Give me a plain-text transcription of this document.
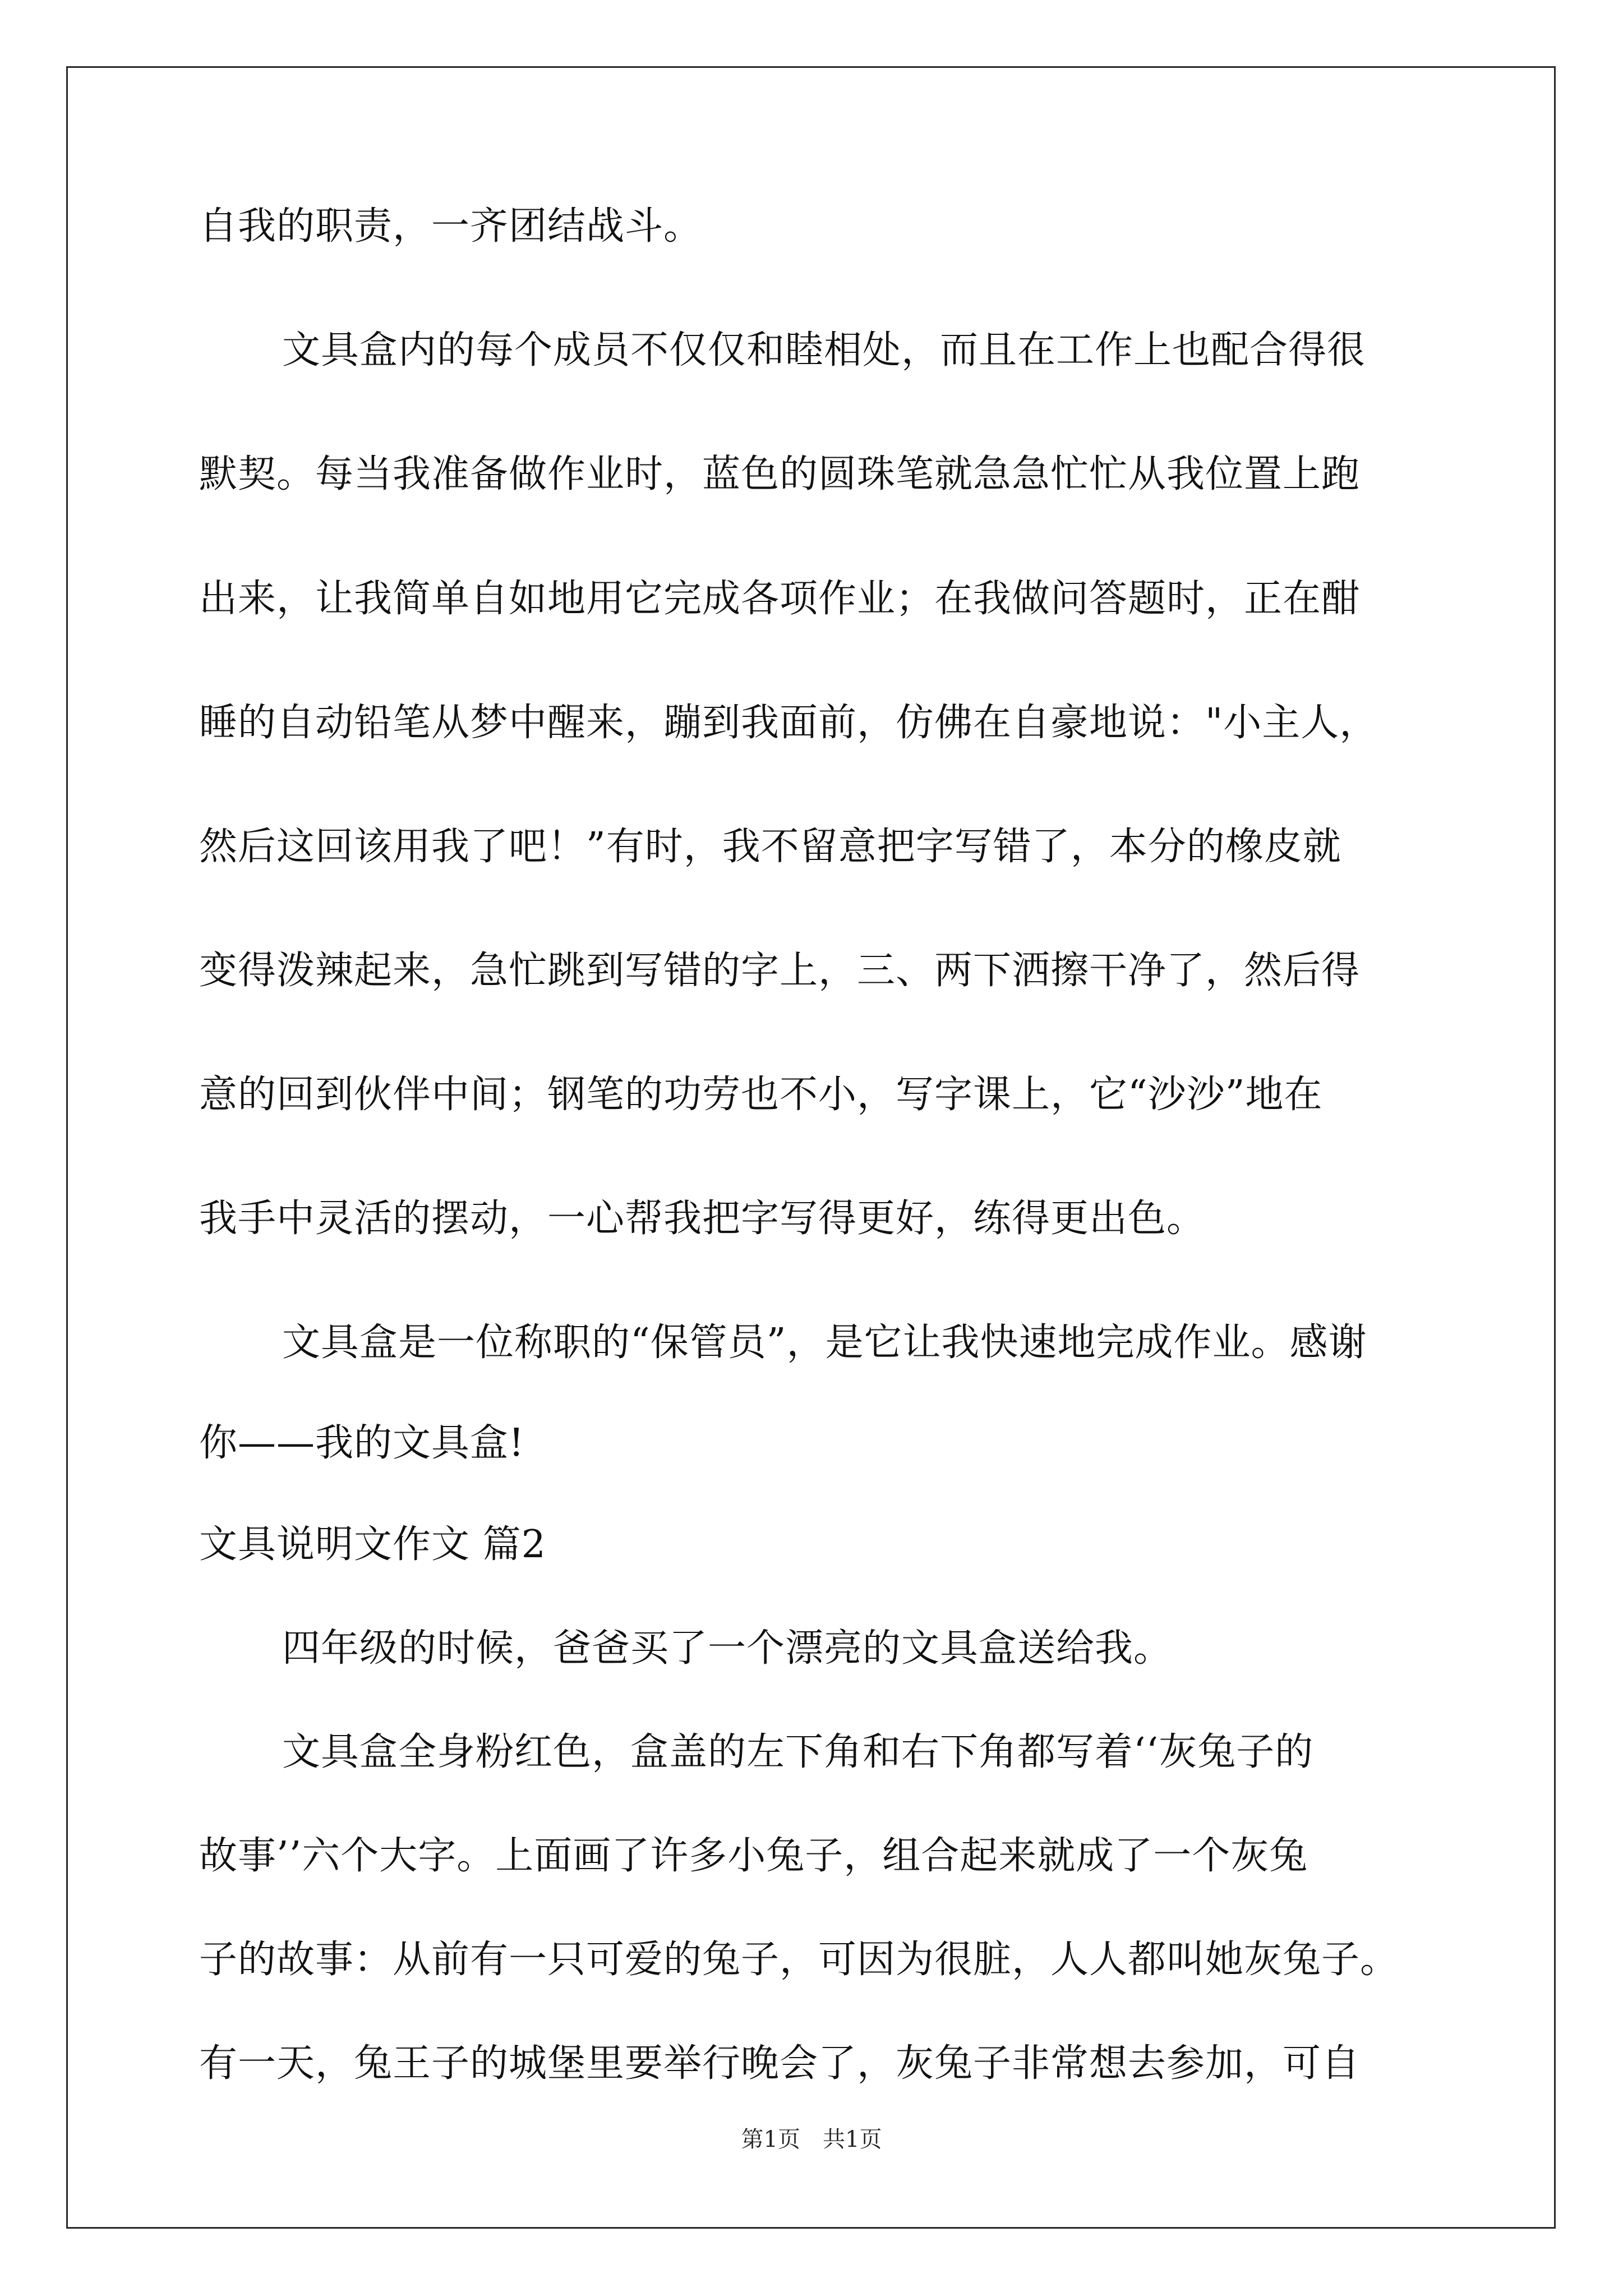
自我的职责，一齐团结战斗。
文具盒内的每个成员不仅仅和睦相处，而且在工作上也配合得很
默契。每当我准备做作业时，蓝色的圆珠笔就急急忙忙从我位置上跑
出来，让我简单自如地用它完成各项作业；在我做问答题时，正在酣
睡的自动铅笔从梦中醒来，蹦到我面前，仿佛在自豪地说："小主人，
然后这回该用我了吧！”有时，我不留意把字写错了，本分的橡皮就
变得泼辣起来，急忙跳到写错的字上，三、两下洒擦干净了，然后得
意的回到伙伴中间；钢笔的功劳也不小，写字课上，它“沙沙”地在
我手中灵活的摆动，一心帮我把字写得更好，练得更出色。
文具盒是一位称职的“保管员”，是它让我快速地完成作业。感谢
你——我的文具盒!
文具说明文作文 篇2
四年级的时候，爸爸买了一个漂亮的文具盒送给我。
文具盒全身粉红色，盒盖的左下角和右下角都写着‘‘灰兔子的
故事’’六个大字。上面画了许多小兔子，组合起来就成了一个灰兔
子的故事：从前有一只可爱的兔子，可因为很脏，人人都叫她灰兔子。
有一天，兔王子的城堡里要举行晚会了，灰兔子非常想去参加，可自
第1页　共1页
